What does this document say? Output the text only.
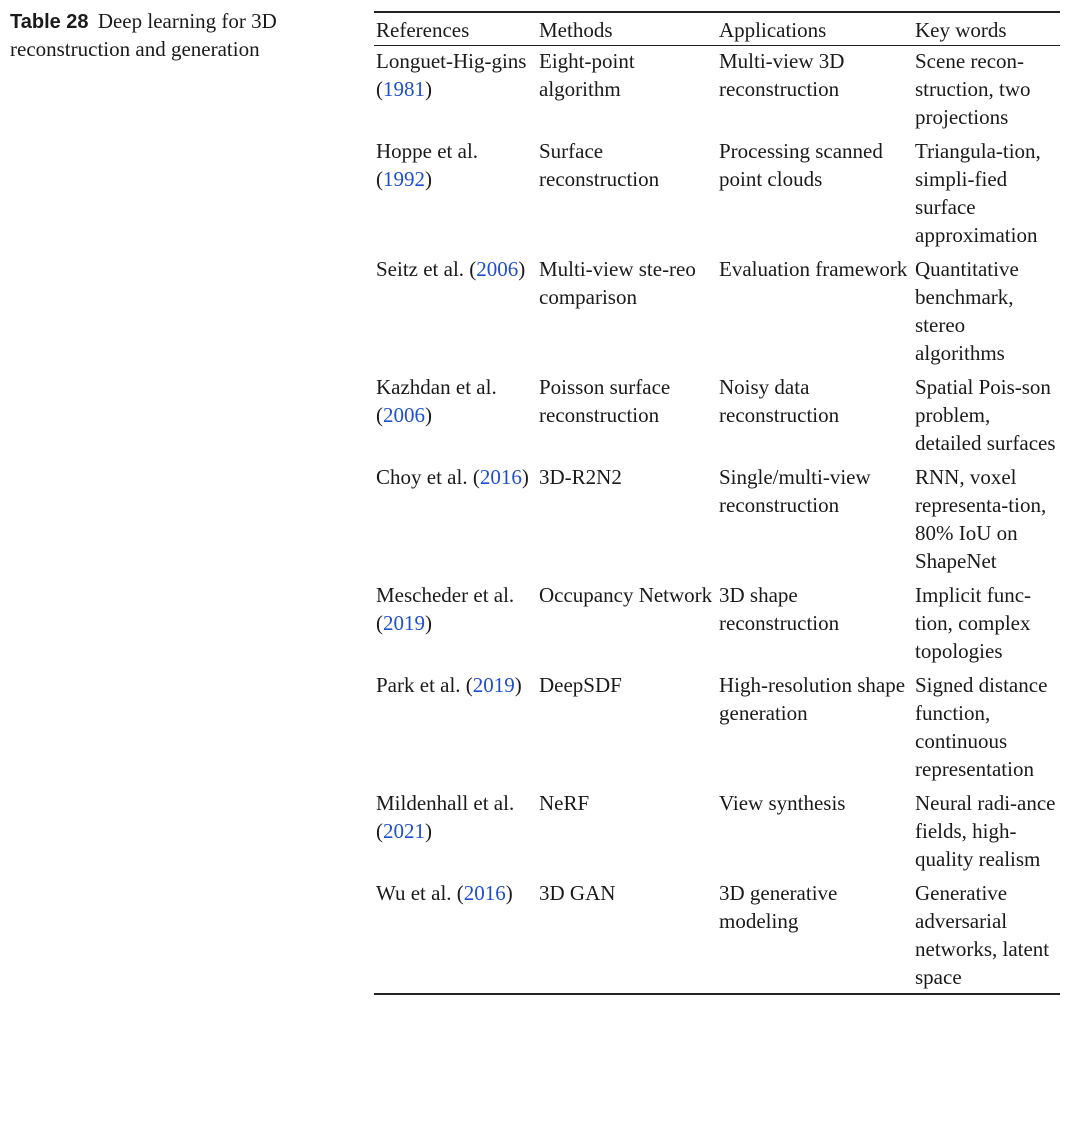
Table 28 Deep learning for 3D reconstruction and generation
References	Methods	Applications	Key words
Longuet-Hig-gins (1981)	Eight-point algorithm	Multi-view 3D reconstruction	Scene recon-struction, two projections
Hoppe et al. (1992)	Surface reconstruction	Processing scanned point clouds	Triangula-tion, simpli-fied surface approximation
Seitz et al. (2006)	Multi-view ste-reo comparison	Evaluation framework	Quantitative benchmark, stereo algorithms
Kazhdan et al. (2006)	Poisson surface reconstruction	Noisy data reconstruction	Spatial Pois-son problem, detailed surfaces
Choy et al. (2016)	3D-R2N2	Single/multi-view reconstruction	RNN, voxel representa-tion, 80% IoU on ShapeNet
Mescheder et al. (2019)	Occupancy Network	3D shape reconstruction	Implicit func-tion, complex topologies
Park et al. (2019)	DeepSDF	High-resolution shape generation	Signed distance function, continuous representation
Mildenhall et al. (2021)	NeRF	View synthesis	Neural radi-ance fields, high-quality realism
Wu et al. (2016)	3D GAN	3D generative modeling	Generative adversarial networks, latent space
